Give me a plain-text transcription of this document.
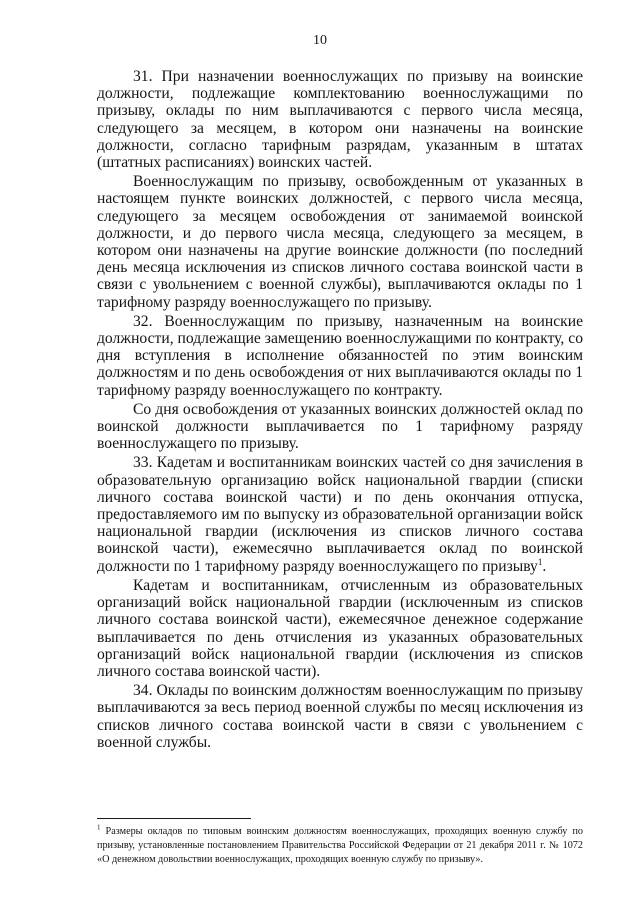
10

31. При назначении военнослужащих по призыву на воинские должности, подлежащие комплектованию военнослужащими по призыву, оклады по ним выплачиваются с первого числа месяца, следующего за месяцем, в котором они назначены на воинские должности, согласно тарифным разрядам, указанным в штатах (штатных расписаниях) воинских частей.

Военнослужащим по призыву, освобожденным от указанных в настоящем пункте воинских должностей, с первого числа месяца, следующего за месяцем освобождения от занимаемой воинской должности, и до первого числа месяца, следующего за месяцем, в котором они назначены на другие воинские должности (по последний день месяца исключения из списков личного состава воинской части в связи с увольнением с военной службы), выплачиваются оклады по 1 тарифному разряду военнослужащего по призыву.

32. Военнослужащим по призыву, назначенным на воинские должности, подлежащие замещению военнослужащими по контракту, со дня вступления в исполнение обязанностей по этим воинским должностям и по день освобождения от них выплачиваются оклады по 1 тарифному разряду военнослужащего по контракту.

Со дня освобождения от указанных воинских должностей оклад по воинской должности выплачивается по 1 тарифному разряду военнослужащего по призыву.

33. Кадетам и воспитанникам воинских частей со дня зачисления в образовательную организацию войск национальной гвардии (списки личного состава воинской части) и по день окончания отпуска, предоставляемого им по выпуску из образовательной организации войск национальной гвардии (исключения из списков личного состава воинской части), ежемесячно выплачивается оклад по воинской должности по 1 тарифному разряду военнослужащего по призыву$^1$.

Кадетам и воспитанникам, отчисленным из образовательных организаций войск национальной гвардии (исключенным из списков личного состава воинской части), ежемесячное денежное содержание выплачивается по день отчисления из указанных образовательных организаций войск национальной гвардии (исключения из списков личного состава воинской части).

34. Оклады по воинским должностям военнослужащим по призыву выплачиваются за весь период военной службы по месяц исключения из списков личного состава воинской части в связи с увольнением с военной службы.

$^1$ Размеры окладов по типовым воинским должностям военнослужащих, проходящих военную службу по призыву, установленные постановлением Правительства Российской Федерации от 21 декабря 2011 г. № 1072 «О денежном довольствии военнослужащих, проходящих военную службу по призыву».
